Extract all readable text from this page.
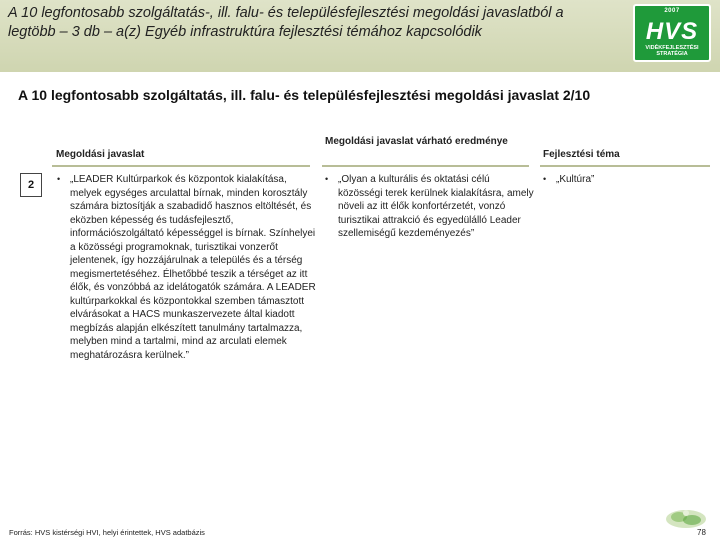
A 10 legfontosabb szolgáltatás-, ill. falu- és településfejlesztési megoldási javaslatból a legtöbb – 3 db – a(z) Egyéb infrastruktúra fejlesztési témához kapcsolódik
2007
HVS
VIDÉKFEJLESZTÉSI STRATÉGIA
A 10 legfontosabb szolgáltatás, ill. falu- és településfejlesztési megoldási javaslat 2/10
Megoldási javaslat
Megoldási javaslat várható eredménye
Fejlesztési téma
2	• „LEADER Kultúrparkok és központok kialakítása, melyek egységes arculattal bírnak, minden korosztály számára biztosítják a szabadidő hasznos eltöltését, és eközben képesség és tudásfejlesztő, információszolgáltató képességgel is bírnak. Színhelyei a közösségi programoknak, turisztikai vonzerőt jelentenek, így hozzájárulnak a település és a térség megismertetéséhez. Élhetőbbé teszik a térséget az itt élők, és vonzóbbá az idelátogatók számára. A LEADER kultúrparkokkal és központokkal szemben támasztott elvárásokat a HACS munkaszervezete által kiadott megbízás alapján elkészített tanulmány tartalmazza, melyben mind a tartalmi, mind az arculati elemek meghatározásra kerülnek.”
• „Olyan a kulturális és oktatási célú közösségi terek kerülnek kialakításra, amely növeli az itt élők konfortérzetét, vonzó turisztikai attrakció és egyedülálló Leader szellemiségű kezdeményezés”
• „Kultúra”
Forrás: HVS kistérségi HVI, helyi érintettek, HVS adatbázis	78
